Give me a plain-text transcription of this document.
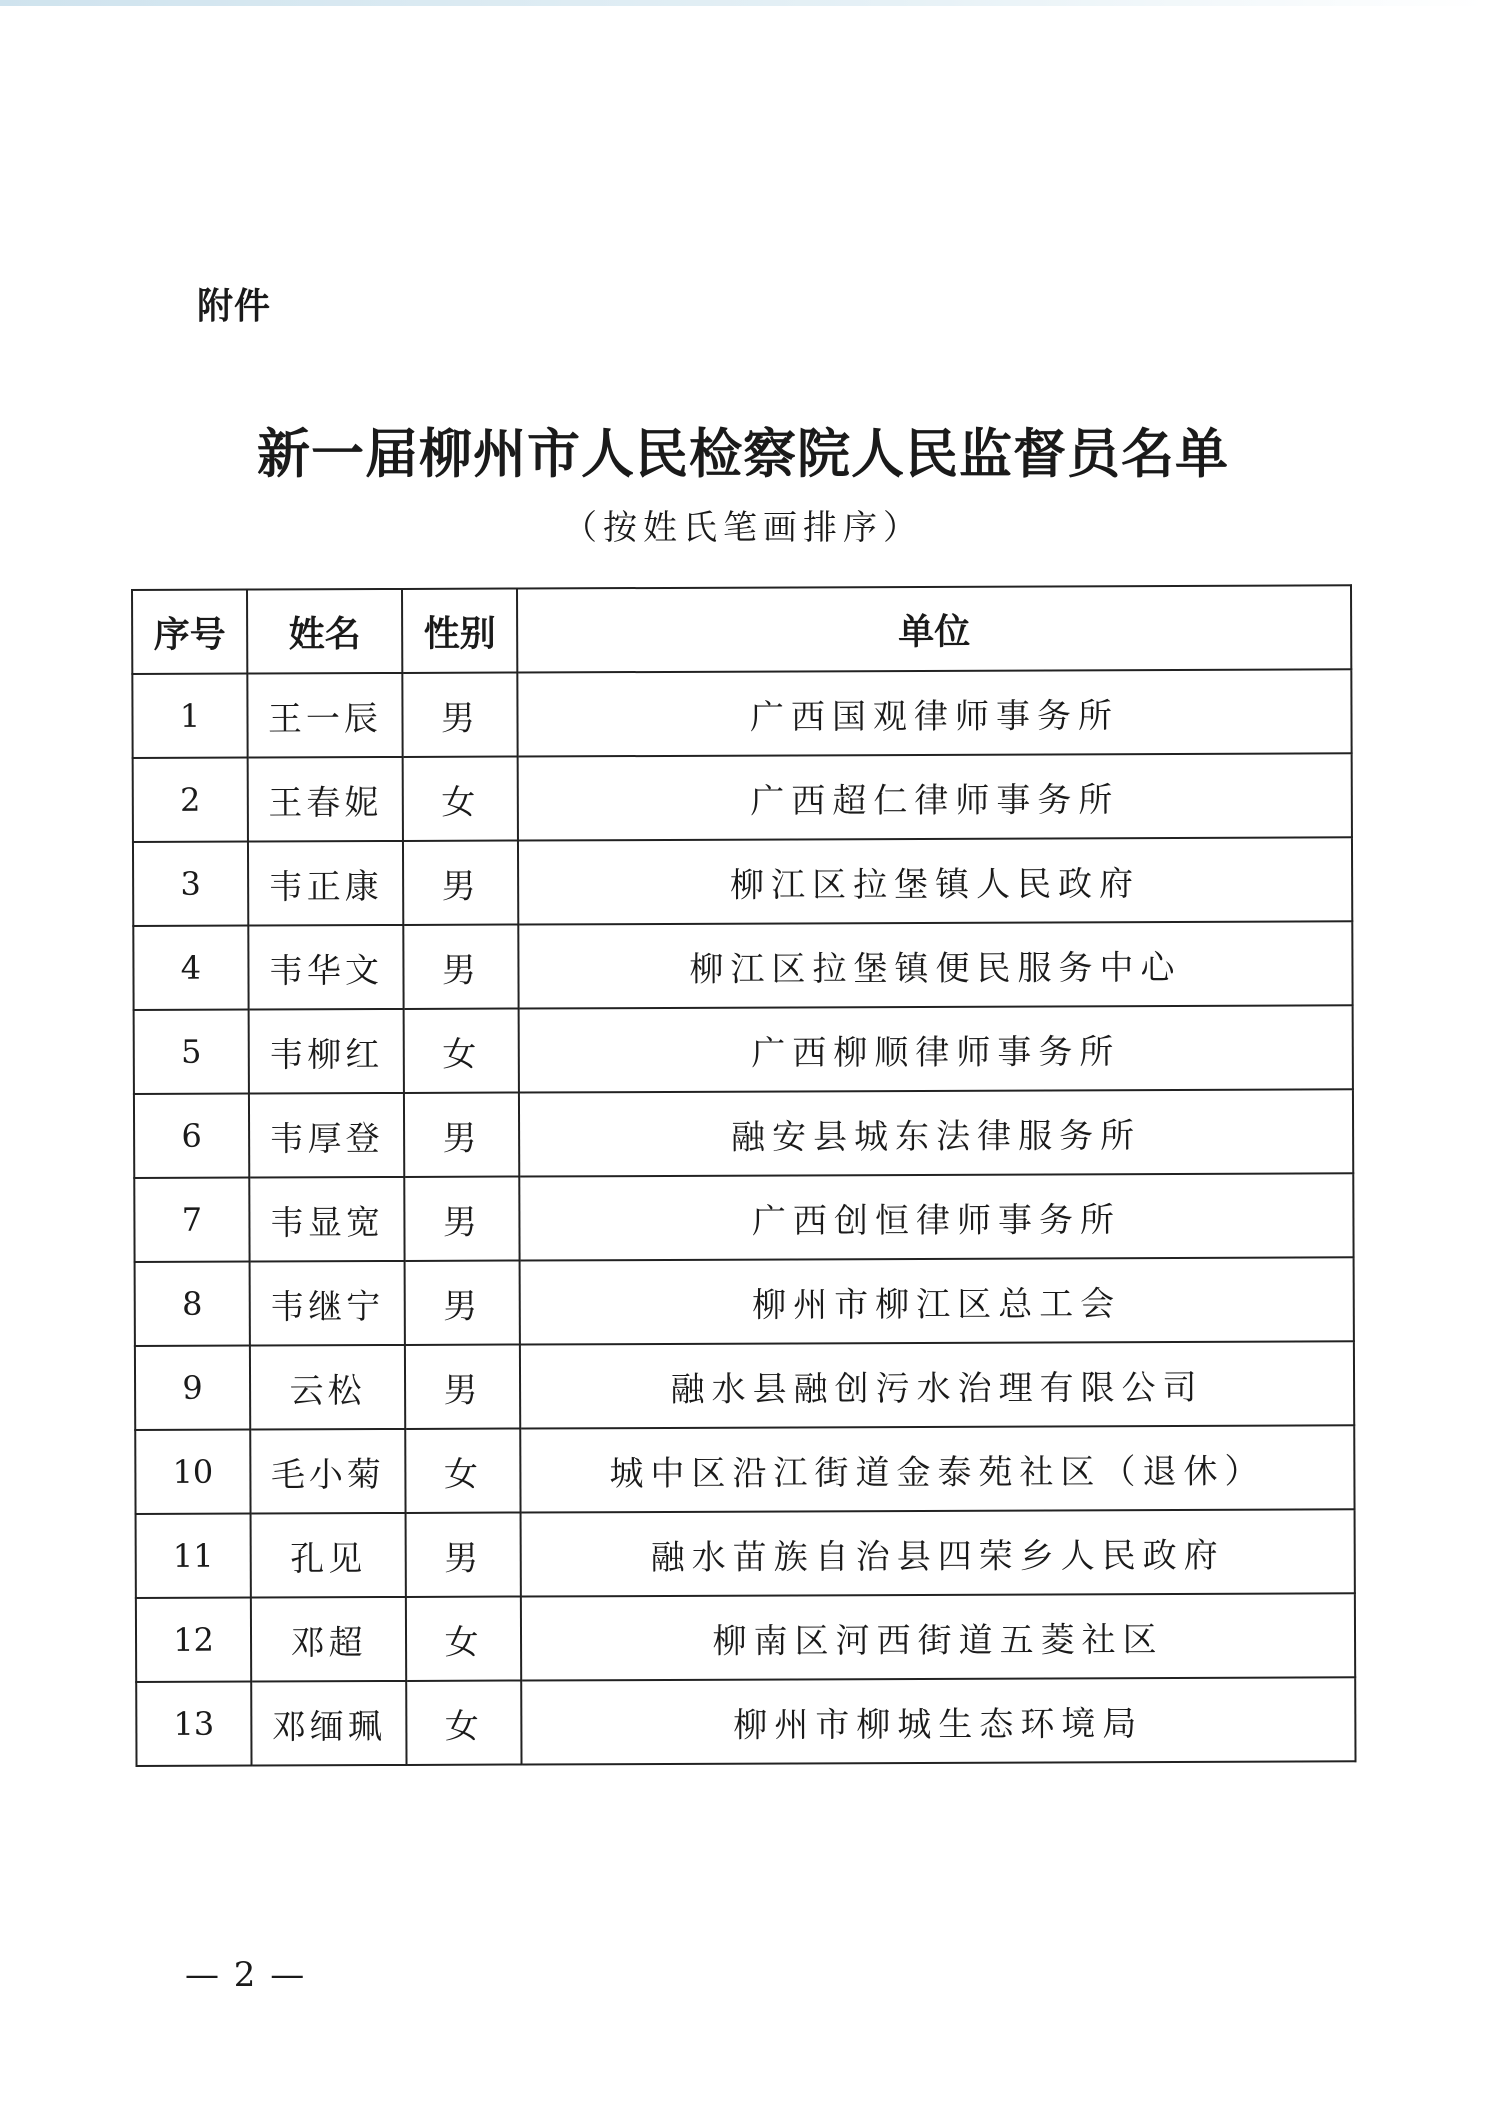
附件
新一届柳州市人民检察院人民监督员名单
（按姓氏笔画排序）
序号	姓名	性别	单位
1	王一辰	男	广西国观律师事务所
2	王春妮	女	广西超仁律师事务所
3	韦正康	男	柳江区拉堡镇人民政府
4	韦华文	男	柳江区拉堡镇便民服务中心
5	韦柳红	女	广西柳顺律师事务所
6	韦厚登	男	融安县城东法律服务所
7	韦显宽	男	广西创恒律师事务所
8	韦继宁	男	柳州市柳江区总工会
9	云松	男	融水县融创污水治理有限公司
10	毛小菊	女	城中区沿江街道金泰苑社区（退休）
11	孔见	男	融水苗族自治县四荣乡人民政府
12	邓超	女	柳南区河西街道五菱社区
13	邓缅珮	女	柳州市柳城生态环境局
— 2 —
